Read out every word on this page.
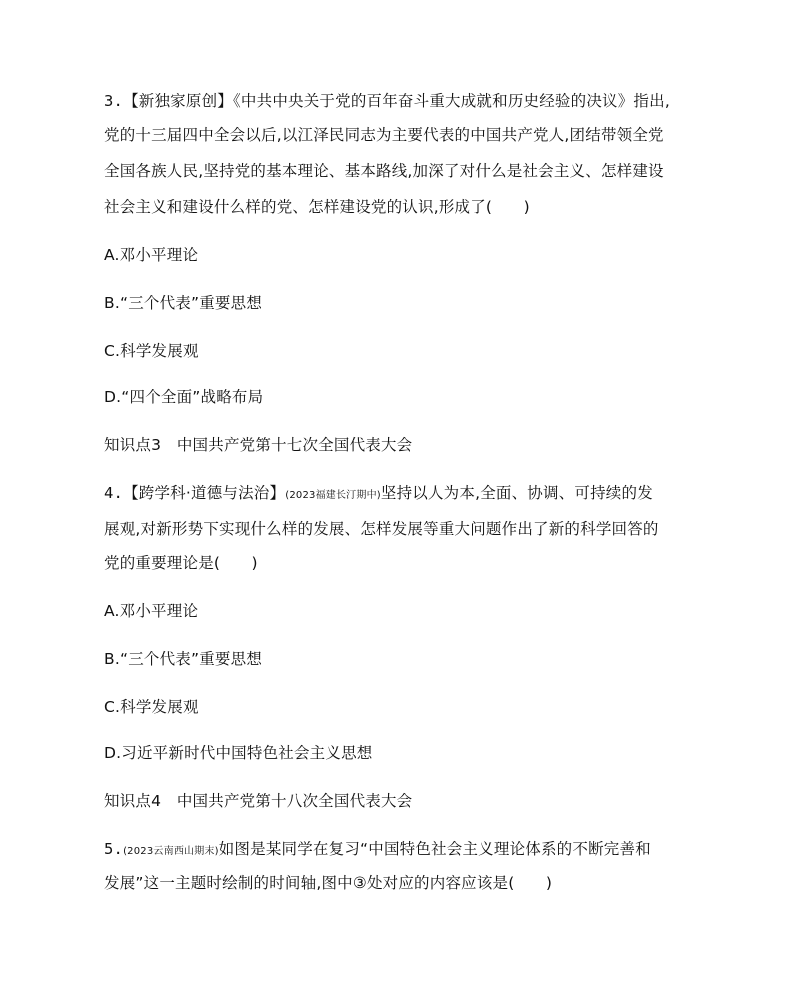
3.【新独家原创】《中共中央关于党的百年奋斗重大成就和历史经验的决议》指出,
党的十三届四中全会以后,以江泽民同志为主要代表的中国共产党人,团结带领全党
全国各族人民,坚持党的基本理论、基本路线,加深了对什么是社会主义、怎样建设
社会主义和建设什么样的党、怎样建设党的认识,形成了(　　)
A.邓小平理论
B.“三个代表”重要思想
C.科学发展观
D.“四个全面”战略布局
知识点3　中国共产党第十七次全国代表大会
4.【跨学科·道德与法治】(2023福建长汀期中)坚持以人为本,全面、协调、可持续的发
展观,对新形势下实现什么样的发展、怎样发展等重大问题作出了新的科学回答的
党的重要理论是(　　)
A.邓小平理论
B.“三个代表”重要思想
C.科学发展观
D.习近平新时代中国特色社会主义思想
知识点4　中国共产党第十八次全国代表大会
5.(2023云南西山期末)如图是某同学在复习“中国特色社会主义理论体系的不断完善和
发展”这一主题时绘制的时间轴,图中③处对应的内容应该是(　　)
